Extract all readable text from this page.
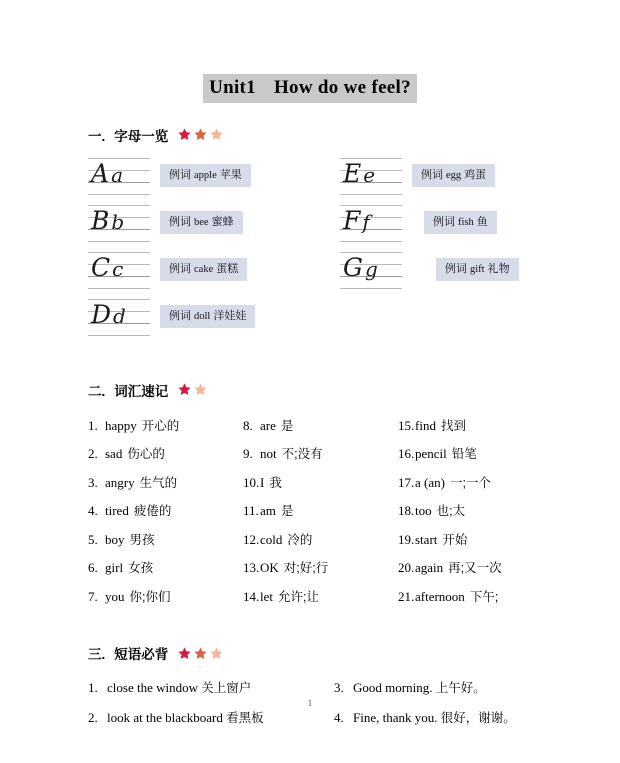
Unit1 How do we feel?
一. 字母一览
Aa	例词 apple 苹果
Bb	例词 bee 蜜蜂
Cc	例词 cake 蛋糕
Dd	例词 doll 洋娃娃
Ee	例词 egg 鸡蛋
Ff	例词 fish 鱼
Gg	例词 gift 礼物
二. 词汇速记
1. happy 开心的	8. are 是	15.find 找到
2. sad 伤心的	9. not 不;没有	16.pencil 铅笔
3. angry 生气的	10.I 我	17.a (an) 一;一个
4. tired 疲倦的	11.am 是	18.too 也;太
5. boy 男孩	12.cold 冷的	19.start 开始
6. girl 女孩	13.OK 对;好;行	20.again 再;又一次
7. you 你;你们	14.let 允许;让	21.afternoon 下午;
三. 短语必背
1. close the window 关上窗户	3. Good morning. 上午好。
2. look at the blackboard 看黑板	4. Fine, thank you. 很好，谢谢。
1
